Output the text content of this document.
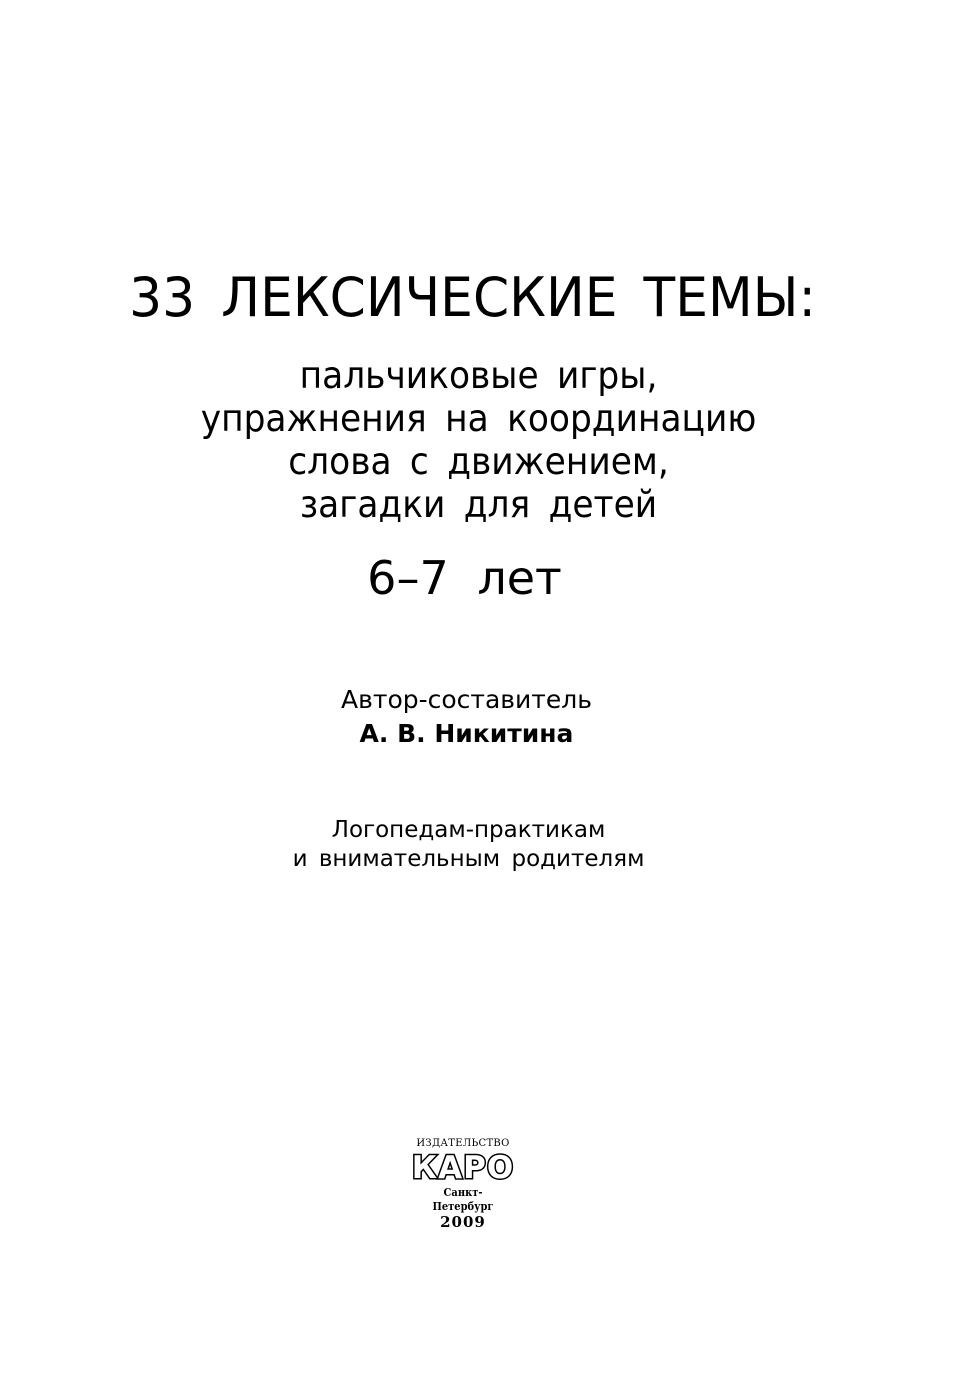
33 ЛЕКСИЧЕСКИЕ ТЕМЫ:
пальчиковые игры,
упражнения на координацию
слова с движением,
загадки для детей
6–7 лет
Автор-составитель
А. В. Никитина
Логопедам-практикам
и внимательным родителям
ИЗДАТЕЛЬСТВО
КАРО
Санкт-Петербург
2009
